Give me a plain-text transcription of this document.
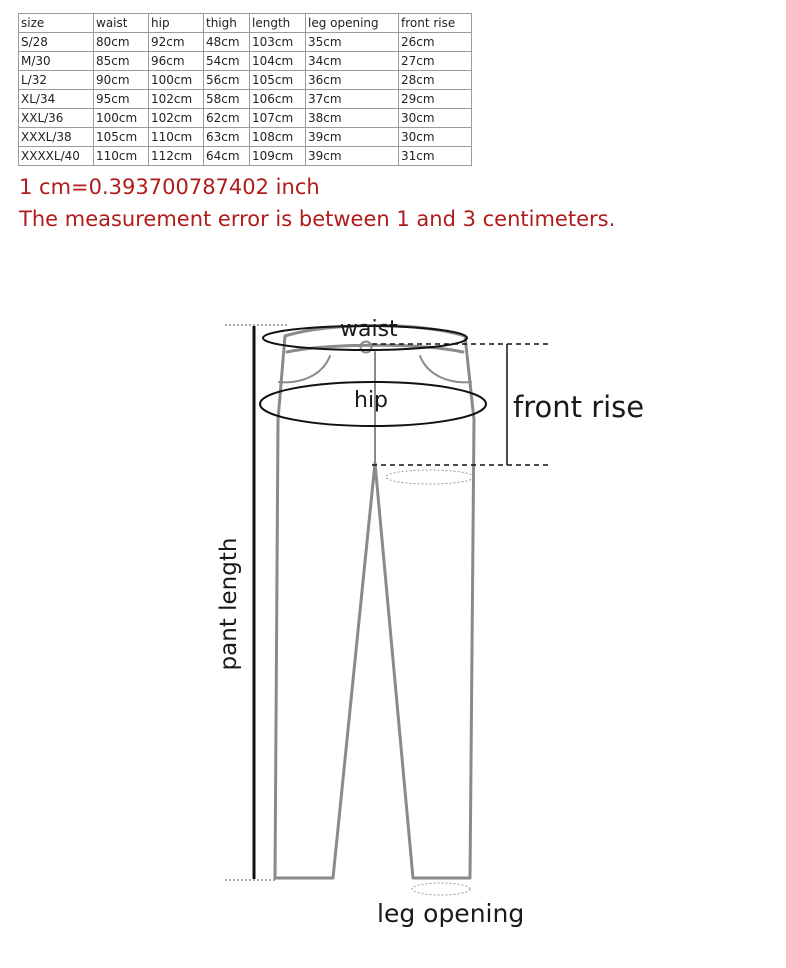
size	waist	hip	thigh	length	leg opening	front rise
S/28	80cm	92cm	48cm	103cm	35cm	26cm
M/30	85cm	96cm	54cm	104cm	34cm	27cm
L/32	90cm	100cm	56cm	105cm	36cm	28cm
XL/34	95cm	102cm	58cm	106cm	37cm	29cm
XXL/36	100cm	102cm	62cm	107cm	38cm	30cm
XXXL/38	105cm	110cm	63cm	108cm	39cm	30cm
XXXXL/40	110cm	112cm	64cm	109cm	39cm	31cm

1 cm=0.393700787402 inch

The measurement error is between 1 and 3 centimeters.

waist
hip	front rise
pant length
leg opening
